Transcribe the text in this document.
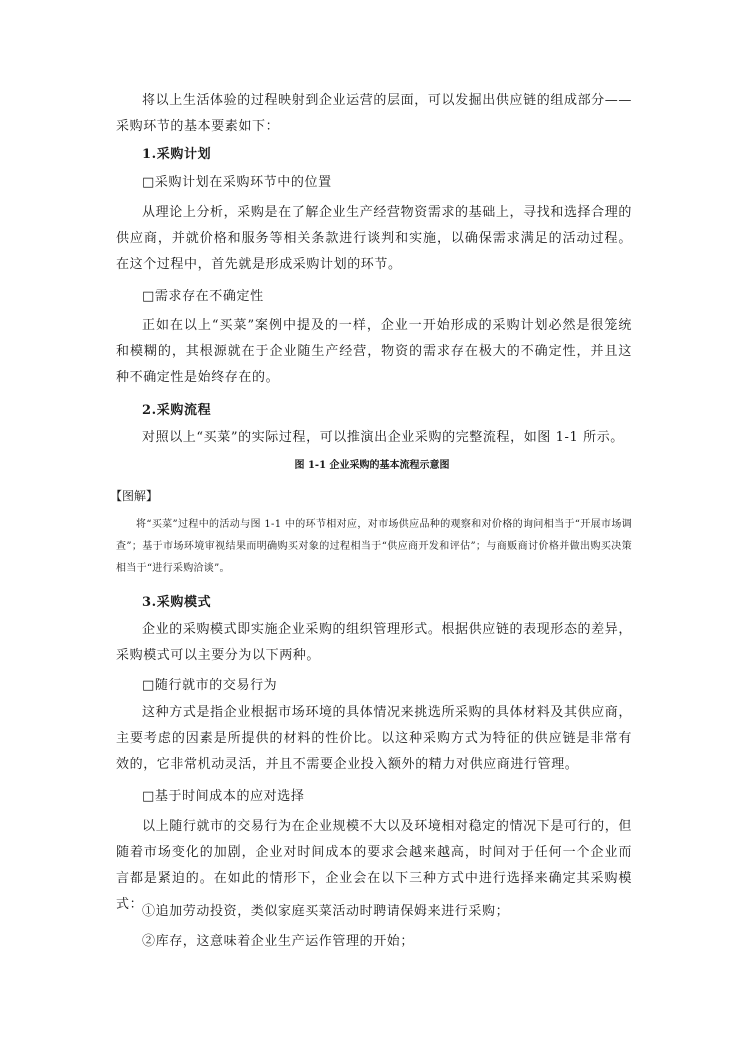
将以上生活体验的过程映射到企业运营的层面，可以发掘出供应链的组成部分——采购环节的基本要素如下：

1.采购计划

□采购计划在采购环节中的位置

从理论上分析，采购是在了解企业生产经营物资需求的基础上，寻找和选择合理的供应商，并就价格和服务等相关条款进行谈判和实施，以确保需求满足的活动过程。在这个过程中，首先就是形成采购计划的环节。

□需求存在不确定性

正如在以上“买菜”案例中提及的一样，企业一开始形成的采购计划必然是很笼统和模糊的，其根源就在于企业随生产经营，物资的需求存在极大的不确定性，并且这种不确定性是始终存在的。

2.采购流程

对照以上“买菜”的实际过程，可以推演出企业采购的完整流程，如图 1-1 所示。

图 1-1 企业采购的基本流程示意图

【图解】

将“买菜”过程中的活动与图 1-1 中的环节相对应，对市场供应品种的观察和对价格的询问相当于“开展市场调查”；基于市场环境审视结果而明确购买对象的过程相当于“供应商开发和评估”；与商贩商讨价格并做出购买决策相当于“进行采购洽谈”。

3.采购模式

企业的采购模式即实施企业采购的组织管理形式。根据供应链的表现形态的差异，采购模式可以主要分为以下两种。

□随行就市的交易行为

这种方式是指企业根据市场环境的具体情况来挑选所采购的具体材料及其供应商，主要考虑的因素是所提供的材料的性价比。以这种采购方式为特征的供应链是非常有效的，它非常机动灵活，并且不需要企业投入额外的精力对供应商进行管理。

□基于时间成本的应对选择

以上随行就市的交易行为在企业规模不大以及环境相对稳定的情况下是可行的，但随着市场变化的加剧，企业对时间成本的要求会越来越高，时间对于任何一个企业而言都是紧迫的。在如此的情形下，企业会在以下三种方式中进行选择来确定其采购模式：

①追加劳动投资，类似家庭买菜活动时聘请保姆来进行采购；

②库存，这意味着企业生产运作管理的开始；
